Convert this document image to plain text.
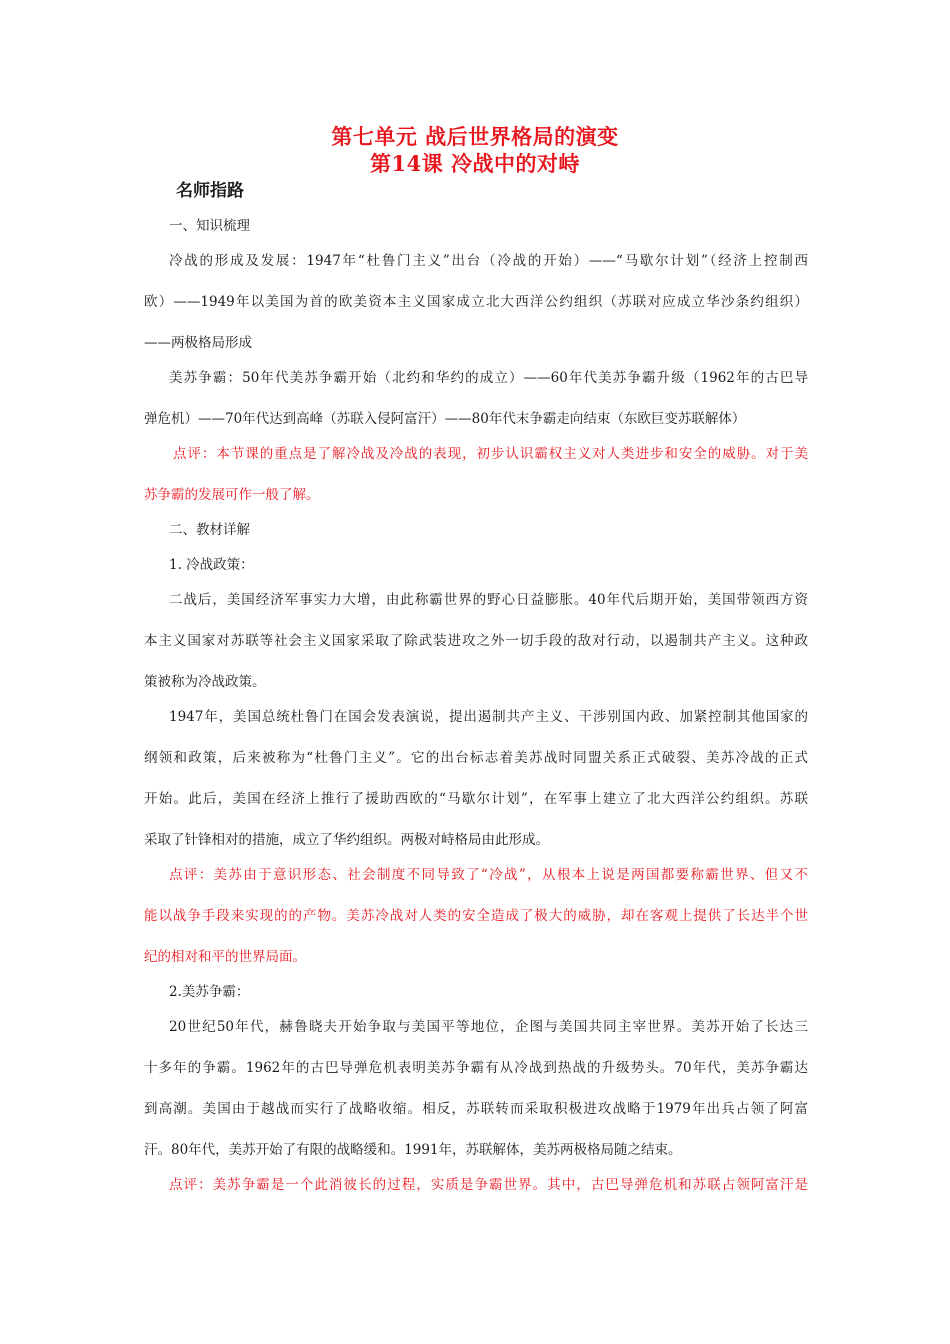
第七单元 战后世界格局的演变
第14课 冷战中的对峙
名师指路
一、知识梳理
冷战的形成及发展：1947年“杜鲁门主义”出台（冷战的开始）——“马歇尔计划”（经济上控制西
欧）——1949年以美国为首的欧美资本主义国家成立北大西洋公约组织（苏联对应成立华沙条约组织）
——两极格局形成
美苏争霸：50年代美苏争霸开始（北约和华约的成立）——60年代美苏争霸升级（1962年的古巴导
弹危机）——70年代达到高峰（苏联入侵阿富汗）——80年代末争霸走向结束（东欧巨变苏联解体）
点评：本节课的重点是了解冷战及冷战的表现，初步认识霸权主义对人类进步和安全的威胁。对于美
苏争霸的发展可作一般了解。
二、教材详解
1. 冷战政策：
二战后，美国经济军事实力大增，由此称霸世界的野心日益膨胀。40年代后期开始，美国带领西方资
本主义国家对苏联等社会主义国家采取了除武装进攻之外一切手段的敌对行动，以遏制共产主义。这种政
策被称为冷战政策。
1947年，美国总统杜鲁门在国会发表演说，提出遏制共产主义、干涉别国内政、加紧控制其他国家的
纲领和政策，后来被称为“杜鲁门主义”。它的出台标志着美苏战时同盟关系正式破裂、美苏冷战的正式
开始。此后，美国在经济上推行了援助西欧的“马歇尔计划”，在军事上建立了北大西洋公约组织。苏联
采取了针锋相对的措施，成立了华约组织。两极对峙格局由此形成。
点评：美苏由于意识形态、社会制度不同导致了“冷战”，从根本上说是两国都要称霸世界、但又不
能以战争手段来实现的的产物。美苏冷战对人类的安全造成了极大的威胁，却在客观上提供了长达半个世
纪的相对和平的世界局面。
2.美苏争霸：
20世纪50年代，赫鲁晓夫开始争取与美国平等地位，企图与美国共同主宰世界。美苏开始了长达三
十多年的争霸。1962年的古巴导弹危机表明美苏争霸有从冷战到热战的升级势头。70年代，美苏争霸达
到高潮。美国由于越战而实行了战略收缩。相反，苏联转而采取积极进攻战略于1979年出兵占领了阿富
汗。80年代，美苏开始了有限的战略缓和。1991年，苏联解体，美苏两极格局随之结束。
点评：美苏争霸是一个此消彼长的过程，实质是争霸世界。其中，古巴导弹危机和苏联占领阿富汗是
